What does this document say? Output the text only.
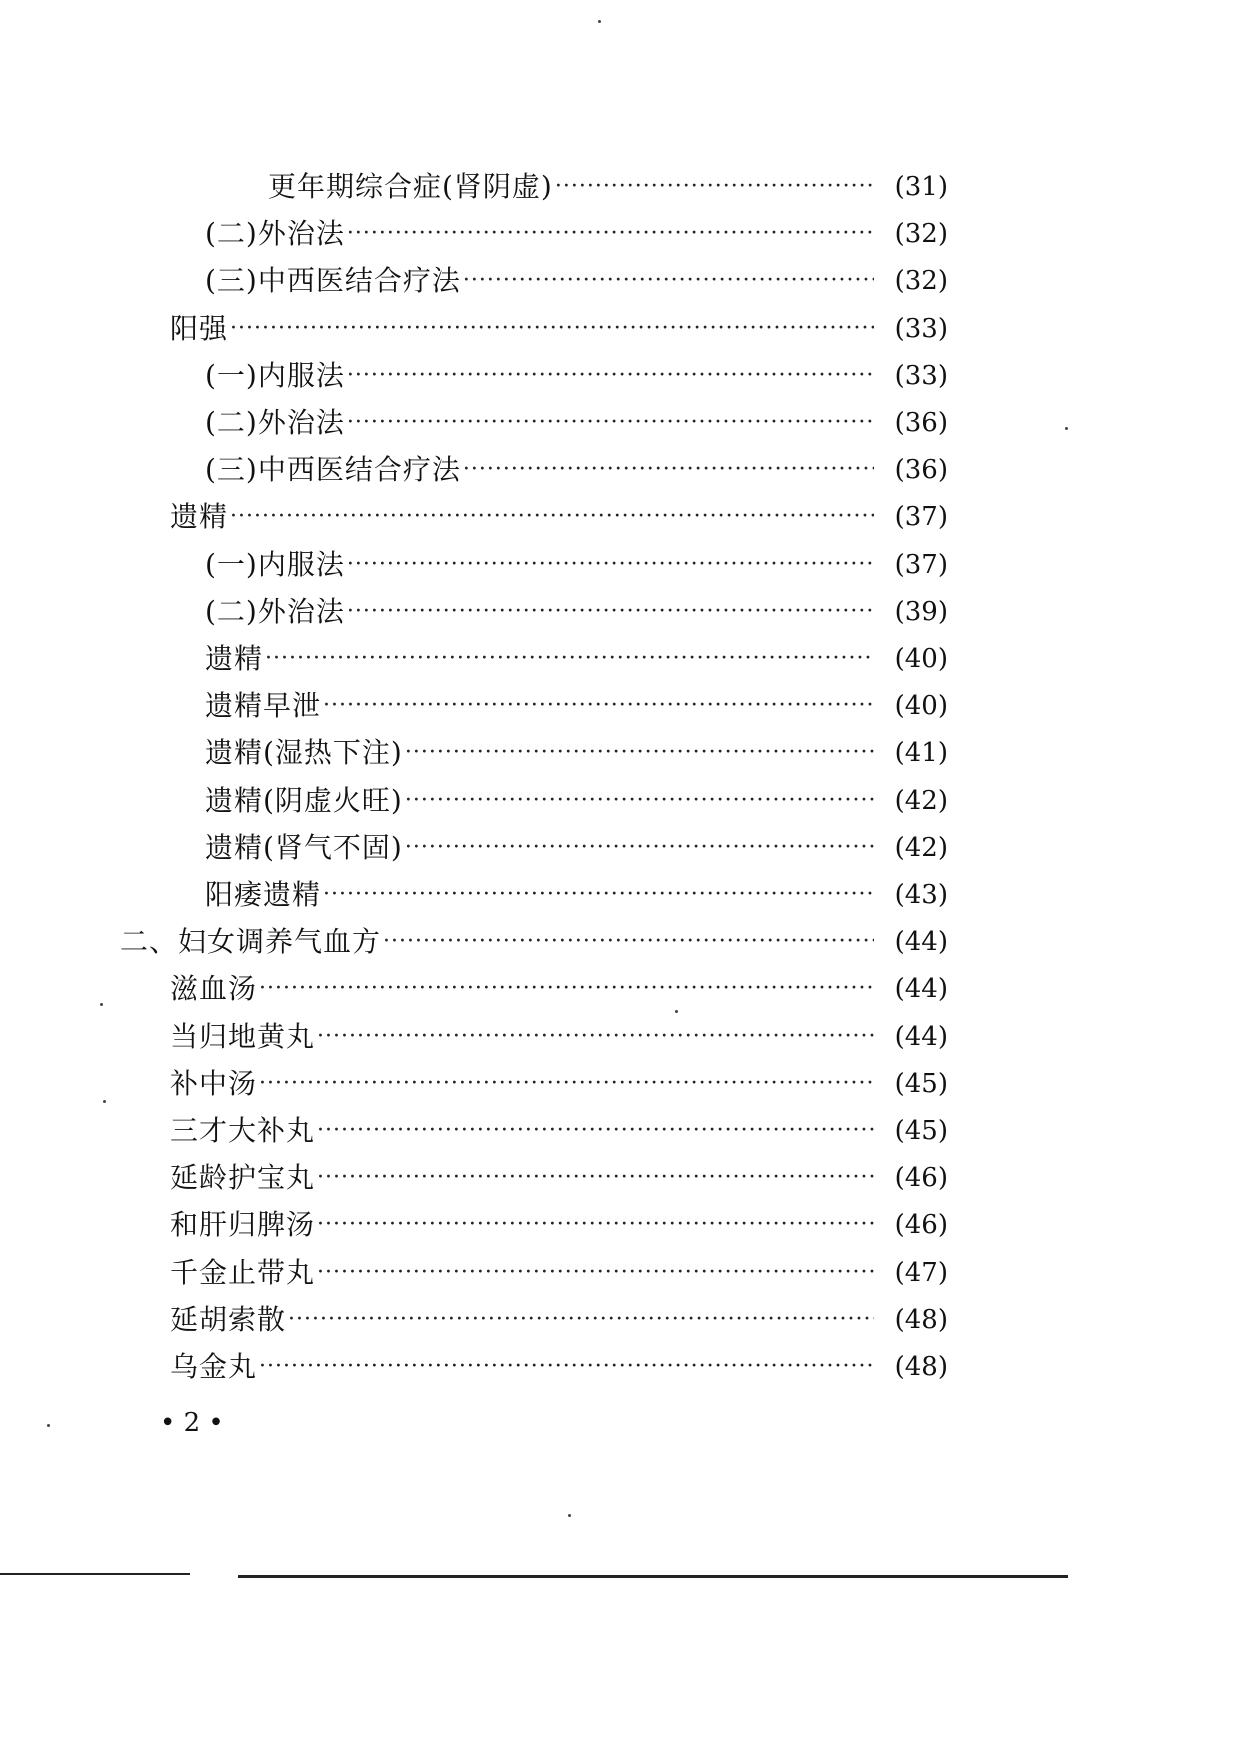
更年期综合症(肾阴虚) ·····	(31)
(二)外治法 ·····	(32)
(三)中西医结合疗法 ·····	(32)
阳强 ·····	(33)
(一)内服法 ·····	(33)
(二)外治法 ·····	(36)
(三)中西医结合疗法 ·····	(36)
遗精 ·····	(37)
(一)内服法 ·····	(37)
(二)外治法 ·····	(39)
遗精 ·····	(40)
遗精早泄 ·····	(40)
遗精(湿热下注) ·····	(41)
遗精(阴虚火旺) ·····	(42)
遗精(肾气不固) ·····	(42)
阳痿遗精 ·····	(43)
二、妇女调养气血方 ·····	(44)
滋血汤 ·····	(44)
当归地黄丸 ·····	(44)
补中汤 ·····	(45)
三才大补丸 ·····	(45)
延龄护宝丸 ·····	(46)
和肝归脾汤 ·····	(46)
千金止带丸 ·····	(47)
延胡索散 ·····	(48)
乌金丸 ·····	(48)
• 2 •
